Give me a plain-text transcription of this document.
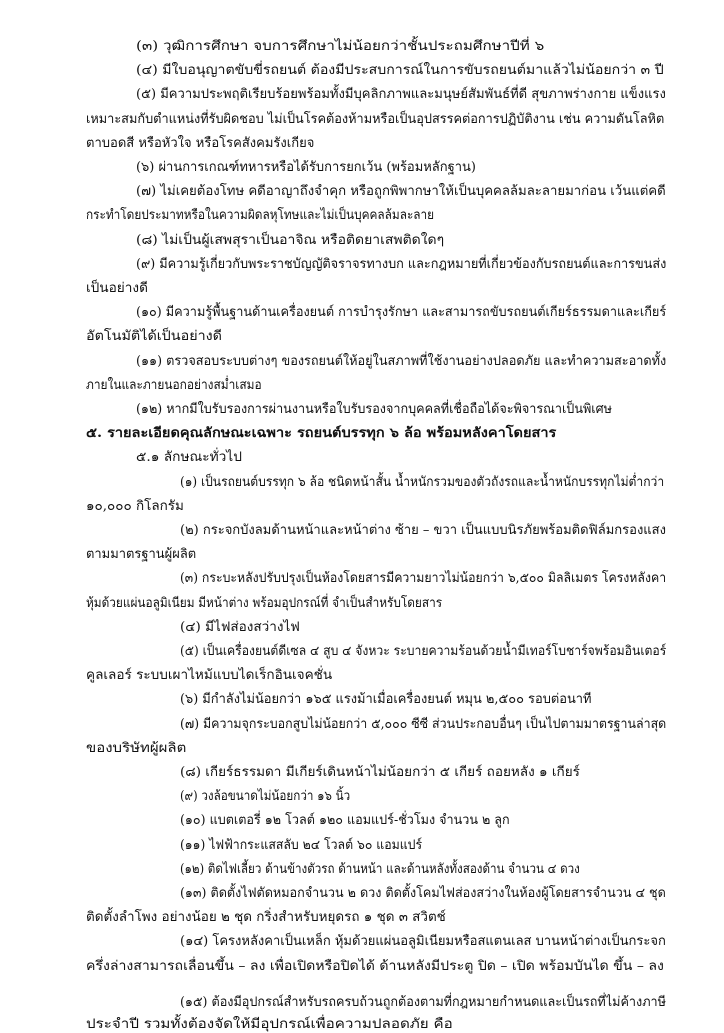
(๓) วุฒิการศึกษา จบการศึกษาไม่น้อยกว่าชั้นประถมศึกษาปีที่ ๖

(๔) มีใบอนุญาตขับขี่รถยนต์ ต้องมีประสบการณ์ในการขับรถยนต์มาแล้วไม่น้อยกว่า ๓ ปี

(๕) มีความประพฤติเรียบร้อยพร้อมทั้งมีบุคลิกภาพและมนุษย์สัมพันธ์ที่ดี สุขภาพร่างกาย แข็งแรง

เหมาะสมกับตำแหน่งที่รับผิดชอบ ไม่เป็นโรคต้องห้ามหรือเป็นอุปสรรคต่อการปฏิบัติงาน เช่น ความดันโลหิต

ตาบอดสี หรือหัวใจ หรือโรคสังคมรังเกียจ

(๖) ผ่านการเกณฑ์ทหารหรือได้รับการยกเว้น (พร้อมหลักฐาน)

(๗) ไม่เคยต้องโทษ คดีอาญาถึงจำคุก หรือถูกพิพากษาให้เป็นบุคคลล้มละลายมาก่อน เว้นแต่คดี

กระทำโดยประมาทหรือในความผิดลหุโทษและไม่เป็นบุคคลล้มละลาย

(๘) ไม่เป็นผู้เสพสุราเป็นอาจิณ หรือติดยาเสพติดใดๆ

(๙) มีความรู้เกี่ยวกับพระราชบัญญัติจราจรทางบก และกฎหมายที่เกี่ยวข้องกับรถยนต์และการขนส่ง

เป็นอย่างดี

(๑๐) มีความรู้พื้นฐานด้านเครื่องยนต์ การบำรุงรักษา และสามารถขับรถยนต์เกียร์ธรรมดาและเกียร์

อัตโนมัติได้เป็นอย่างดี

(๑๑) ตรวจสอบระบบต่างๆ ของรถยนต์ให้อยู่ในสภาพที่ใช้งานอย่างปลอดภัย และทำความสะอาดทั้ง

ภายในและภายนอกอย่างสม่ำเสมอ

(๑๒) หากมีใบรับรองการผ่านงานหรือใบรับรองจากบุคคลที่เชื่อถือได้จะพิจารณาเป็นพิเศษ

๕. รายละเอียดคุณลักษณะเฉพาะ รถยนต์บรรทุก ๖ ล้อ พร้อมหลังคาโดยสาร

๕.๑ ลักษณะทั่วไป

(๑) เป็นรถยนต์บรรทุก ๖ ล้อ ชนิดหน้าสั้น น้ำหนักรวมของตัวถังรถและน้ำหนักบรรทุกไม่ต่ำกว่า

๑๐,๐๐๐ กิโลกรัม

(๒) กระจกบังลมด้านหน้าและหน้าต่าง ซ้าย – ขวา เป็นแบบนิรภัยพร้อมติดฟิล์มกรองแสง

ตามมาตรฐานผู้ผลิต

(๓) กระบะหลังปรับปรุงเป็นห้องโดยสารมีความยาวไม่น้อยกว่า ๖,๕๐๐ มิลลิเมตร โครงหลังคา

หุ้มด้วยแผ่นอลูมิเนียม มีหน้าต่าง พร้อมอุปกรณ์ที่ จำเป็นสำหรับโดยสาร

(๔) มีไฟส่องสว่างไฟ

(๕) เป็นเครื่องยนต์ดีเซล ๔ สูบ ๔ จังหวะ ระบายความร้อนด้วยน้ำมีเทอร์โบชาร์จพร้อมอินเตอร์

คูลเลอร์ ระบบเผาไหม้แบบไดเร็กอินเจคชั่น

(๖) มีกำลังไม่น้อยกว่า ๑๖๕ แรงม้าเมื่อเครื่องยนต์ หมุน ๒,๕๐๐ รอบต่อนาที

(๗) มีความจุกระบอกสูบไม่น้อยกว่า ๕,๐๐๐ ซีซี ส่วนประกอบอื่นๆ เป็นไปตามมาตรฐานล่าสุด

ของบริษัทผู้ผลิต

(๘) เกียร์ธรรมดา มีเกียร์เดินหน้าไม่น้อยกว่า ๕ เกียร์ ถอยหลัง ๑ เกียร์

(๙) วงล้อขนาดไม่น้อยกว่า ๑๖ นิ้ว

(๑๐) แบตเตอรี่ ๑๒ โวลต์ ๑๒๐ แอมแปร์-ชั่วโมง จำนวน ๒ ลูก

(๑๑) ไฟฟ้ากระแสสลับ ๒๔ โวลต์ ๖๐ แอมแปร์

(๑๒) ติดไฟเลี้ยว ด้านข้างตัวรถ ด้านหน้า และด้านหลังทั้งสองด้าน จำนวน ๔ ดวง

(๑๓) ติดตั้งไฟตัดหมอกจำนวน ๒ ดวง ติดตั้งโคมไฟส่องสว่างในห้องผู้โดยสารจำนวน ๔ ชุด

ติดตั้งลำโพง อย่างน้อย ๒ ชุด กริ่งสำหรับหยุดรถ ๑ ชุด ๓ สวิตช์

(๑๔) โครงหลังคาเป็นเหล็ก หุ้มด้วยแผ่นอลูมิเนียมหรือสแตนเลส บานหน้าต่างเป็นกระจก

ครึ่งล่างสามารถเลื่อนขึ้น – ลง เพื่อเปิดหรือปิดได้ ด้านหลังมีประตู ปิด – เปิด พร้อมบันได ขึ้น – ลง

(๑๕) ต้องมีอุปกรณ์สำหรับรถครบถ้วนถูกต้องตามที่กฎหมายกำหนดและเป็นรถที่ไม่ค้างภาษี

ประจำปี รวมทั้งต้องจัดให้มีอุปกรณ์เพื่อความปลอดภัย คือ
